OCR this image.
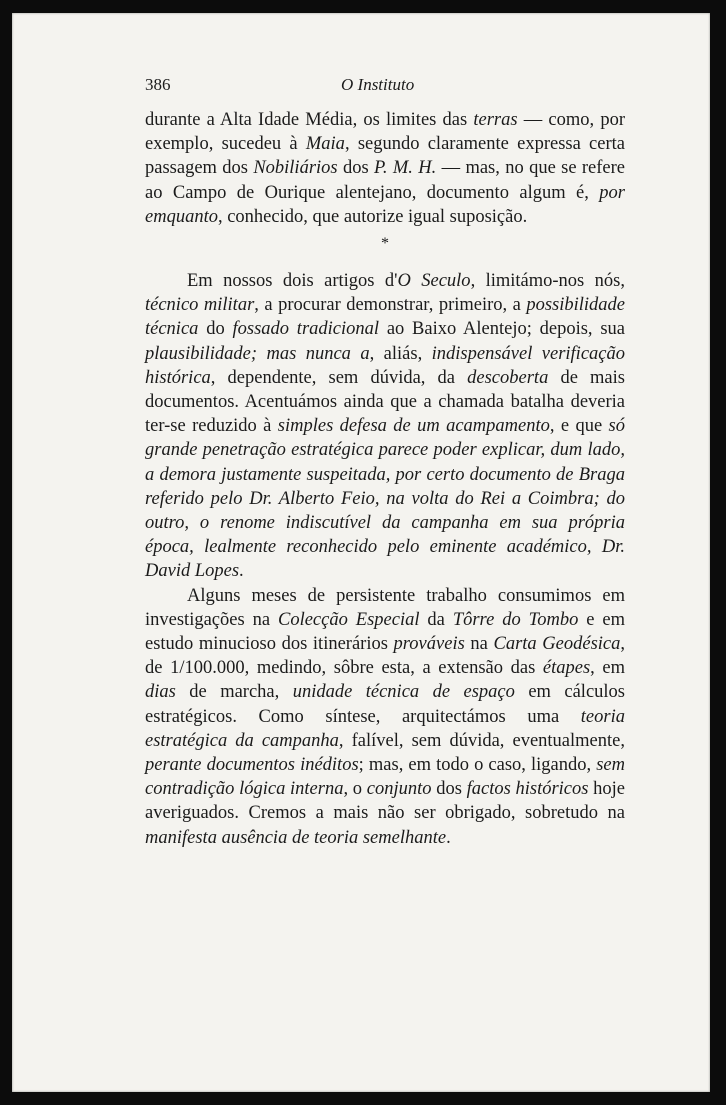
386	O Instituto

durante a Alta Idade Média, os limites das terras — como, por exemplo, sucedeu à Maia, segundo claramente expressa certa passagem dos Nobiliários dos P. M. H. — mas, no que se refere ao Campo de Ourique alentejano, documento algum é, por emquanto, conhecido, que autorize igual suposição.

*

Em nossos dois artigos d'O Seculo, limitámo-nos nós, técnico militar, a procurar demonstrar, primeiro, a possibilidade técnica do fossado tradicional ao Baixo Alentejo; depois, sua plausibilidade; mas nunca a, aliás, indispensável verificação histórica, dependente, sem dúvida, da descoberta de mais documentos. Acentuámos ainda que a chamada batalha deveria ter-se reduzido à simples defesa de um acampamento, e que só grande penetração estratégica parece poder explicar, dum lado, a demora justamente suspeitada, por certo documento de Braga referido pelo Dr. Alberto Feio, na volta do Rei a Coimbra; do outro, o renome indiscutível da campanha em sua própria época, lealmente reconhecido pelo eminente académico, Dr. David Lopes.

Alguns meses de persistente trabalho consumimos em investigações na Colecção Especial da Tôrre do Tombo e em estudo minucioso dos itinerários prováveis na Carta Geodésica, de 1/100.000, medindo, sôbre esta, a extensão das étapes, em dias de marcha, unidade técnica de espaço em cálculos estratégicos. Como síntese, arquitectámos uma teoria estratégica da campanha, falível, sem dúvida, eventualmente, perante documentos inéditos; mas, em todo o caso, ligando, sem contradição lógica interna, o conjunto dos factos históricos hoje averiguados. Cremos a mais não ser obrigado, sobretudo na manifesta ausência de teoria semelhante.
